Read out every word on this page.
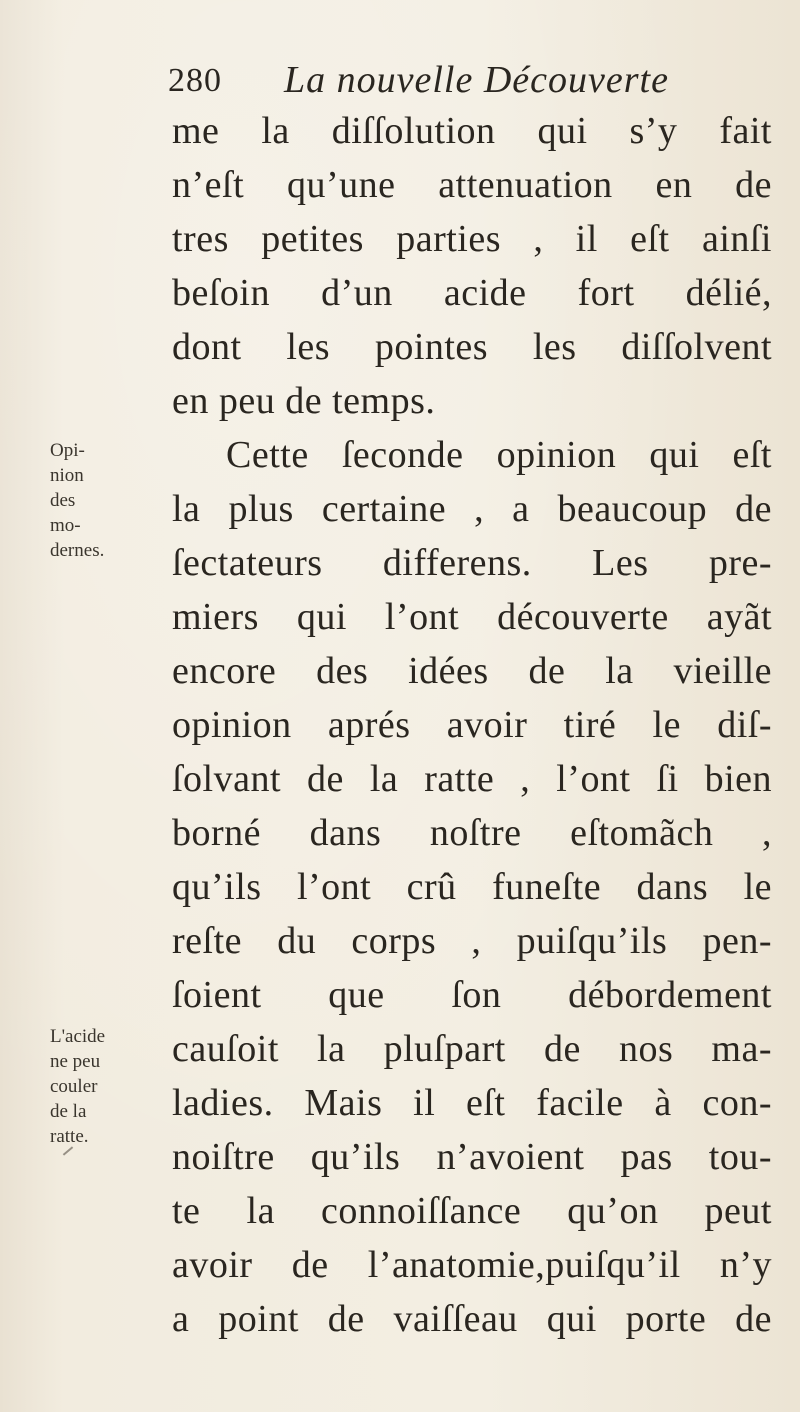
280 La nouvelle Découverte
Opi-
nion
des
mo-
dernes.
L'acide
ne peu
couler
de la
ratte.
me la diſſolution qui s’y fait
n’eſt qu’une attenuation en de
tres petites parties , il eſt ainſi
beſoin d’un acide fort délié,
dont les pointes les diſſolvent
en peu de temps.
Cette ſeconde opinion qui eſt
la plus certaine , a beaucoup de
ſectateurs differens. Les pre-
miers qui l’ont découverte ayãt
encore des idées de la vieille
opinion aprés avoir tiré le diſ-
ſolvant de la ratte , l’ont ſi bien
borné dans noſtre eſtomãch ,
qu’ils l’ont crû funeſte dans le
reſte du corps , puiſqu’ils pen-
ſoient que ſon débordement
cauſoit la pluſpart de nos ma-
ladies. Mais il eſt facile à con-
noiſtre qu’ils n’avoient pas tou-
te la connoiſſance qu’on peut
avoir de l’anatomie,puiſqu’il n’y
a point de vaiſſeau qui porte de
